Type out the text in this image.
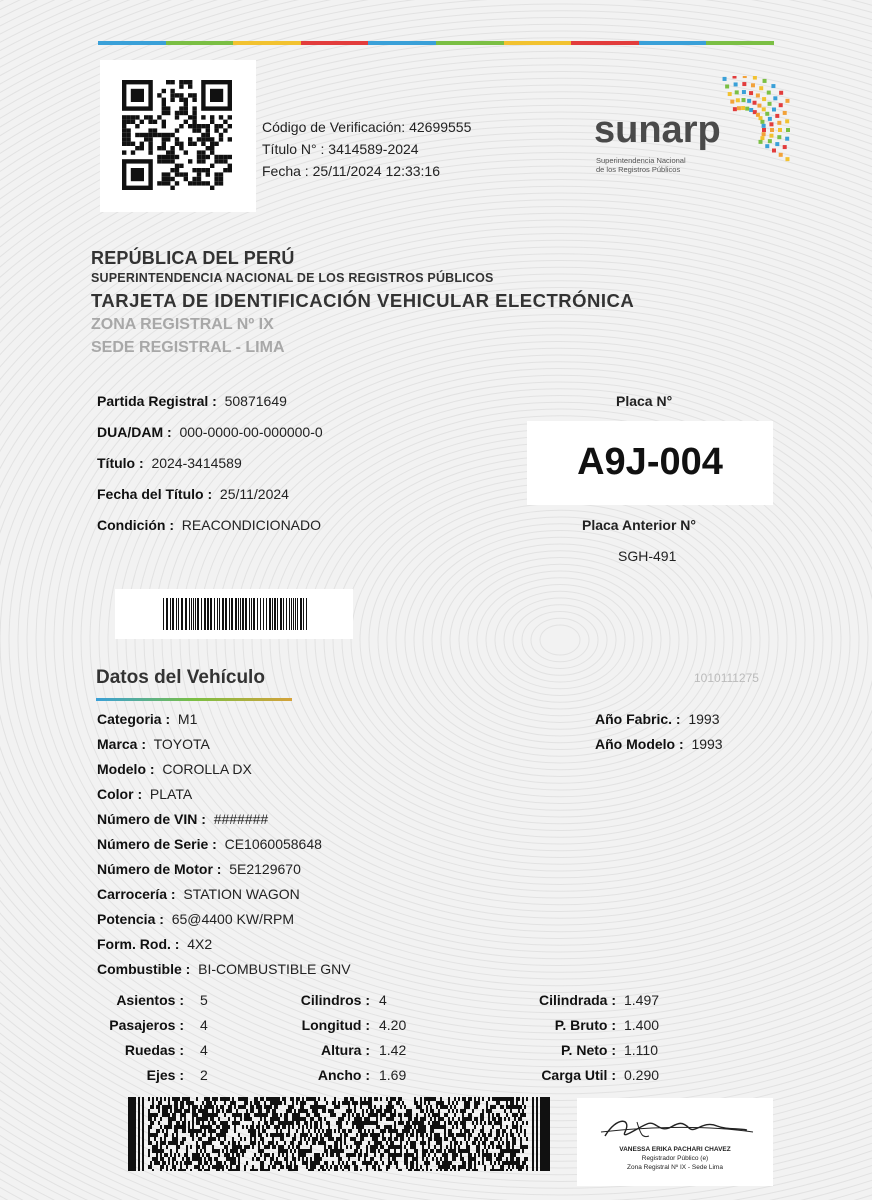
Código de Verificación: 42699555
Título N° : 3414589-2024
Fecha : 25/11/2024 12:33:16
sunarp
Superintendencia Nacional
de los Registros Públicos
REPÚBLICA DEL PERÚ
SUPERINTENDENCIA NACIONAL DE LOS REGISTROS PÚBLICOS
TARJETA DE IDENTIFICACIÓN VEHICULAR ELECTRÓNICA
ZONA REGISTRAL Nº IX
SEDE REGISTRAL - LIMA
Partida Registral : 50871649
DUA/DAM : 000-0000-00-000000-0
Título : 2024-3414589
Fecha del Título : 25/11/2024
Condición : REACONDICIONADO
Placa N°
A9J-004
Placa Anterior N°
SGH-491
Datos del Vehículo	1010111275
Categoria : M1
Marca : TOYOTA
Modelo : COROLLA DX
Color : PLATA
Número de VIN : #######
Número de Serie : CE1060058648
Número de Motor : 5E2129670
Carrocería : STATION WAGON
Potencia : 65@4400 KW/RPM
Form. Rod. : 4X2
Combustible : BI-COMBUSTIBLE GNV
Año Fabric. : 1993
Año Modelo : 1993
Asientos : 5
Pasajeros : 4
Ruedas : 4
Ejes : 2
Cilindros : 4
Longitud : 4.20
Altura : 1.42
Ancho : 1.69
Cilindrada : 1.497
P. Bruto : 1.400
P. Neto : 1.110
Carga Util : 0.290
VANESSA ERIKA PACHARI CHAVEZ
Registrador Público (e)
Zona Registral Nº IX - Sede Lima
